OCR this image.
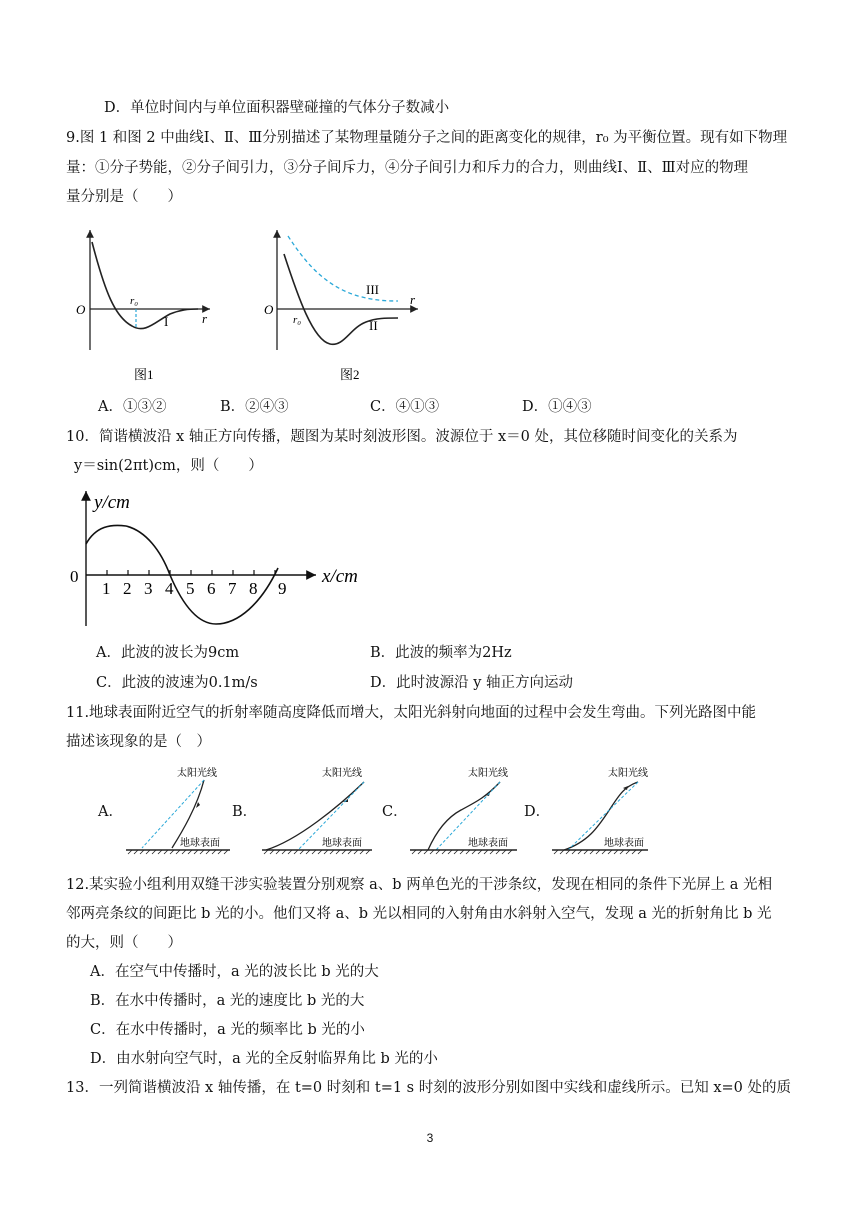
D．单位时间内与单位面积器壁碰撞的气体分子数减小
9.图 1 和图 2 中曲线Ⅰ、Ⅱ、Ⅲ分别描述了某物理量随分子之间的距离变化的规律，r₀ 为平衡位置。现有如下物理
量：①分子势能，②分子间引力，③分子间斥力，④分子间引力和斥力的合力，则曲线Ⅰ、Ⅱ、Ⅲ对应的物理
量分别是（　　）
O
r
r₀
I
图1
O
r
r₀	II
III
图2
A．①③②	B．②④③	C．④①③	D．①④③
10．简谐横波沿 x 轴正方向传播，题图为某时刻波形图。波源位于 x＝0 处，其位移随时间变化的关系为
y＝sin(2πt)cm，则（　　）
y/cm
x/cm
0
1 2 3 4 5 6 7 8 9
A．此波的波长为9cm	B．此波的频率为2Hz
C．此波的波速为0.1m/s	D．此时波源沿 y 轴正方向运动
11.地球表面附近空气的折射率随高度降低而增大，太阳光斜射向地面的过程中会发生弯曲。下列光路图中能
描述该现象的是（　）
A．
太阳光线
地球表面
B．
太阳光线
地球表面
C．
太阳光线
地球表面
D．
太阳光线
地球表面
12.某实验小组利用双缝干涉实验装置分别观察 a、b 两单色光的干涉条纹，发现在相同的条件下光屏上 a 光相
邻两亮条纹的间距比 b 光的小。他们又将 a、b 光以相同的入射角由水斜射入空气，发现 a 光的折射角比 b 光
的大，则（　　）
A．在空气中传播时，a 光的波长比 b 光的大
B．在水中传播时，a 光的速度比 b 光的大
C．在水中传播时，a 光的频率比 b 光的小
D．由水射向空气时，a 光的全反射临界角比 b 光的小
13．一列简谐横波沿 x 轴传播，在 t=0 时刻和 t=1 s 时刻的波形分别如图中实线和虚线所示。已知 x=0 处的质
3
